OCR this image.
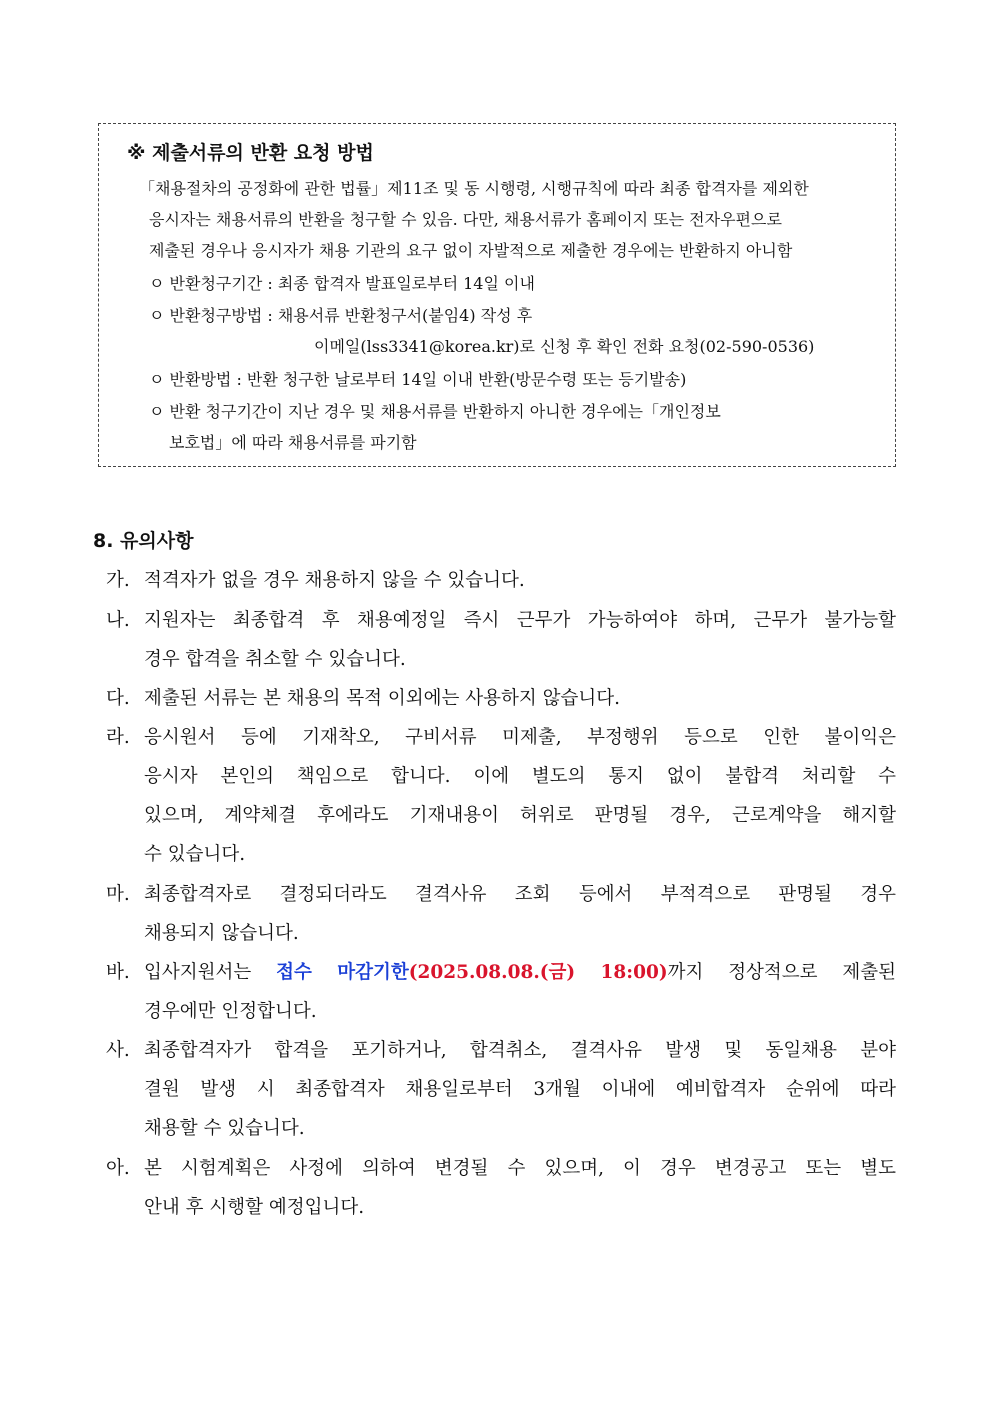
※ 제출서류의 반환 요청 방법
「채용절차의 공정화에 관한 법률」제11조 및 동 시행령, 시행규칙에 따라 최종 합격자를 제외한
응시자는 채용서류의 반환을 청구할 수 있음. 다만, 채용서류가 홈페이지 또는 전자우편으로
제출된 경우나 응시자가 채용 기관의 요구 없이 자발적으로 제출한 경우에는 반환하지 아니함
ㅇ 반환청구기간 : 최종 합격자 발표일로부터 14일 이내
ㅇ 반환청구방법 : 채용서류 반환청구서(붙임4) 작성 후
이메일(lss3341@korea.kr)로 신청 후 확인 전화 요청(02-590-0536)
ㅇ 반환방법 : 반환 청구한 날로부터 14일 이내 반환(방문수령 또는 등기발송)
ㅇ 반환 청구기간이 지난 경우 및 채용서류를 반환하지 아니한 경우에는「개인정보
보호법」에 따라 채용서류를 파기함
8. 유의사항
가. 적격자가 없을 경우 채용하지 않을 수 있습니다.
나. 지원자는 최종합격 후 채용예정일 즉시 근무가 가능하여야 하며, 근무가 불가능할
경우 합격을 취소할 수 있습니다.
다. 제출된 서류는 본 채용의 목적 이외에는 사용하지 않습니다.
라. 응시원서 등에 기재착오, 구비서류 미제출, 부정행위 등으로 인한 불이익은
응시자 본인의 책임으로 합니다. 이에 별도의 통지 없이 불합격 처리할 수
있으며, 계약체결 후에라도 기재내용이 허위로 판명될 경우, 근로계약을 해지할
수 있습니다.
마. 최종합격자로 결정되더라도 결격사유 조회 등에서 부적격으로 판명될 경우
채용되지 않습니다.
바. 입사지원서는 접수 마감기한(2025.08.08.(금) 18:00)까지 정상적으로 제출된
경우에만 인정합니다.
사. 최종합격자가 합격을 포기하거나, 합격취소, 결격사유 발생 및 동일채용 분야
결원 발생 시 최종합격자 채용일로부터 3개월 이내에 예비합격자 순위에 따라
채용할 수 있습니다.
아. 본 시험계획은 사정에 의하여 변경될 수 있으며, 이 경우 변경공고 또는 별도
안내 후 시행할 예정입니다.
